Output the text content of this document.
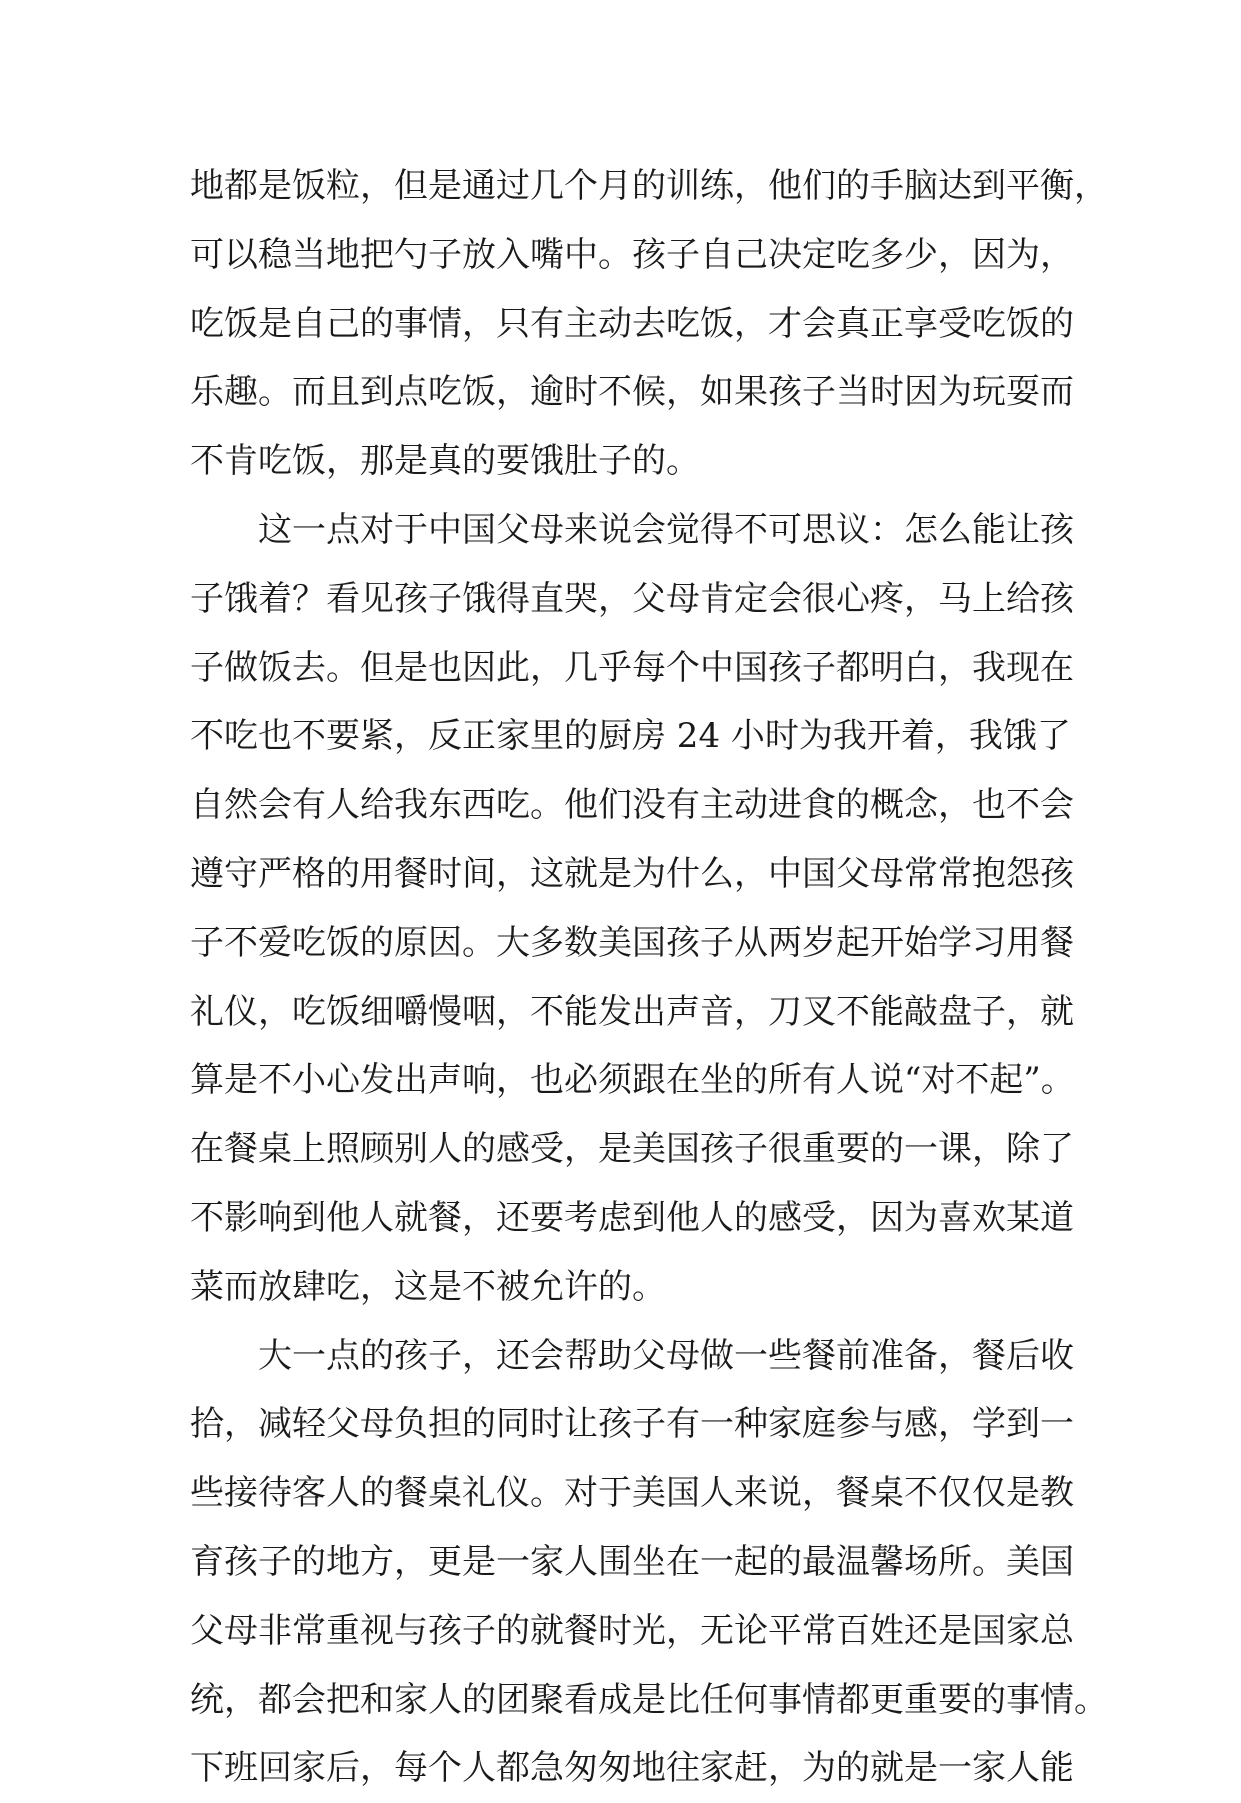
地都是饭粒，但是通过几个月的训练，他们的手脑达到平衡，
可以稳当地把勺子放入嘴中。孩子自己决定吃多少，因为，
吃饭是自己的事情，只有主动去吃饭，才会真正享受吃饭的
乐趣。而且到点吃饭，逾时不候，如果孩子当时因为玩耍而
不肯吃饭，那是真的要饿肚子的。
这一点对于中国父母来说会觉得不可思议：怎么能让孩
子饿着？看见孩子饿得直哭，父母肯定会很心疼，马上给孩
子做饭去。但是也因此，几乎每个中国孩子都明白，我现在
不吃也不要紧，反正家里的厨房 24 小时为我开着，我饿了
自然会有人给我东西吃。他们没有主动进食的概念，也不会
遵守严格的用餐时间，这就是为什么，中国父母常常抱怨孩
子不爱吃饭的原因。大多数美国孩子从两岁起开始学习用餐
礼仪，吃饭细嚼慢咽，不能发出声音，刀叉不能敲盘子，就
算是不小心发出声响，也必须跟在坐的所有人说“对不起”。
在餐桌上照顾别人的感受，是美国孩子很重要的一课，除了
不影响到他人就餐，还要考虑到他人的感受，因为喜欢某道
菜而放肆吃，这是不被允许的。
大一点的孩子，还会帮助父母做一些餐前准备，餐后收
拾，减轻父母负担的同时让孩子有一种家庭参与感，学到一
些接待客人的餐桌礼仪。对于美国人来说，餐桌不仅仅是教
育孩子的地方，更是一家人围坐在一起的最温馨场所。美国
父母非常重视与孩子的就餐时光，无论平常百姓还是国家总
统，都会把和家人的团聚看成是比任何事情都更重要的事情。
下班回家后，每个人都急匆匆地往家赶，为的就是一家人能
